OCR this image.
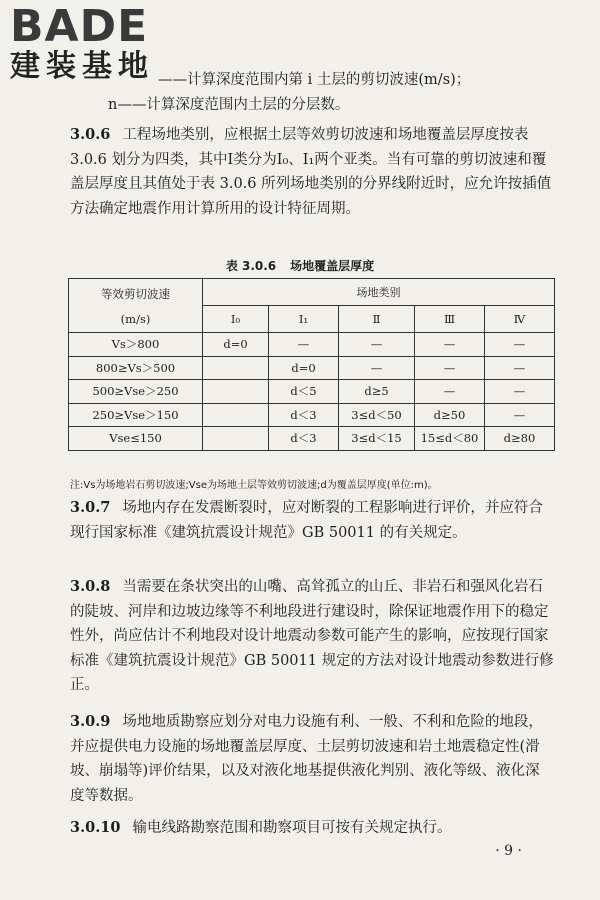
BADE
建装基地 ——计算深度范围内第 i 土层的剪切波速(m/s)；
n——计算深度范围内土层的分层数。
3.0.6 工程场地类别，应根据土层等效剪切波速和场地覆盖层厚度按表 3.0.6 划分为四类，其中Ⅰ类分为Ⅰ₀、Ⅰ₁两个亚类。当有可靠的剪切波速和覆盖层厚度且其值处于表 3.0.6 所列场地类别的分界线附近时，应允许按插值方法确定地震作用计算所用的设计特征周期。
表 3.0.6 场地覆盖层厚度
等效剪切波速
(m/s)	场地类别				
	Ⅰ₀	Ⅰ₁	Ⅱ	Ⅲ	Ⅳ
Vs＞800	d=0	—	—	—	—
800≥Vs＞500		d=0	—	—	—
500≥Vse＞250		d＜5	d≥5	—	—
250≥Vse＞150		d＜3	3≤d＜50	d≥50	—
Vse≤150		d＜3	3≤d＜15	15≤d＜80	d≥80
注:Vs为场地岩石剪切波速;Vse为场地土层等效剪切波速;d为覆盖层厚度(单位:m)。
3.0.7 场地内存在发震断裂时，应对断裂的工程影响进行评价，并应符合现行国家标准《建筑抗震设计规范》GB 50011 的有关规定。
3.0.8 当需要在条状突出的山嘴、高耸孤立的山丘、非岩石和强风化岩石的陡坡、河岸和边坡边缘等不利地段进行建设时，除保证地震作用下的稳定性外，尚应估计不利地段对设计地震动参数可能产生的影响，应按现行国家标准《建筑抗震设计规范》GB 50011 规定的方法对设计地震动参数进行修正。
3.0.9 场地地质勘察应划分对电力设施有利、一般、不利和危险的地段，并应提供电力设施的场地覆盖层厚度、土层剪切波速和岩土地震稳定性(滑坡、崩塌等)评价结果，以及对液化地基提供液化判别、液化等级、液化深度等数据。
3.0.10 输电线路勘察范围和勘察项目可按有关规定执行。
· 9 ·
